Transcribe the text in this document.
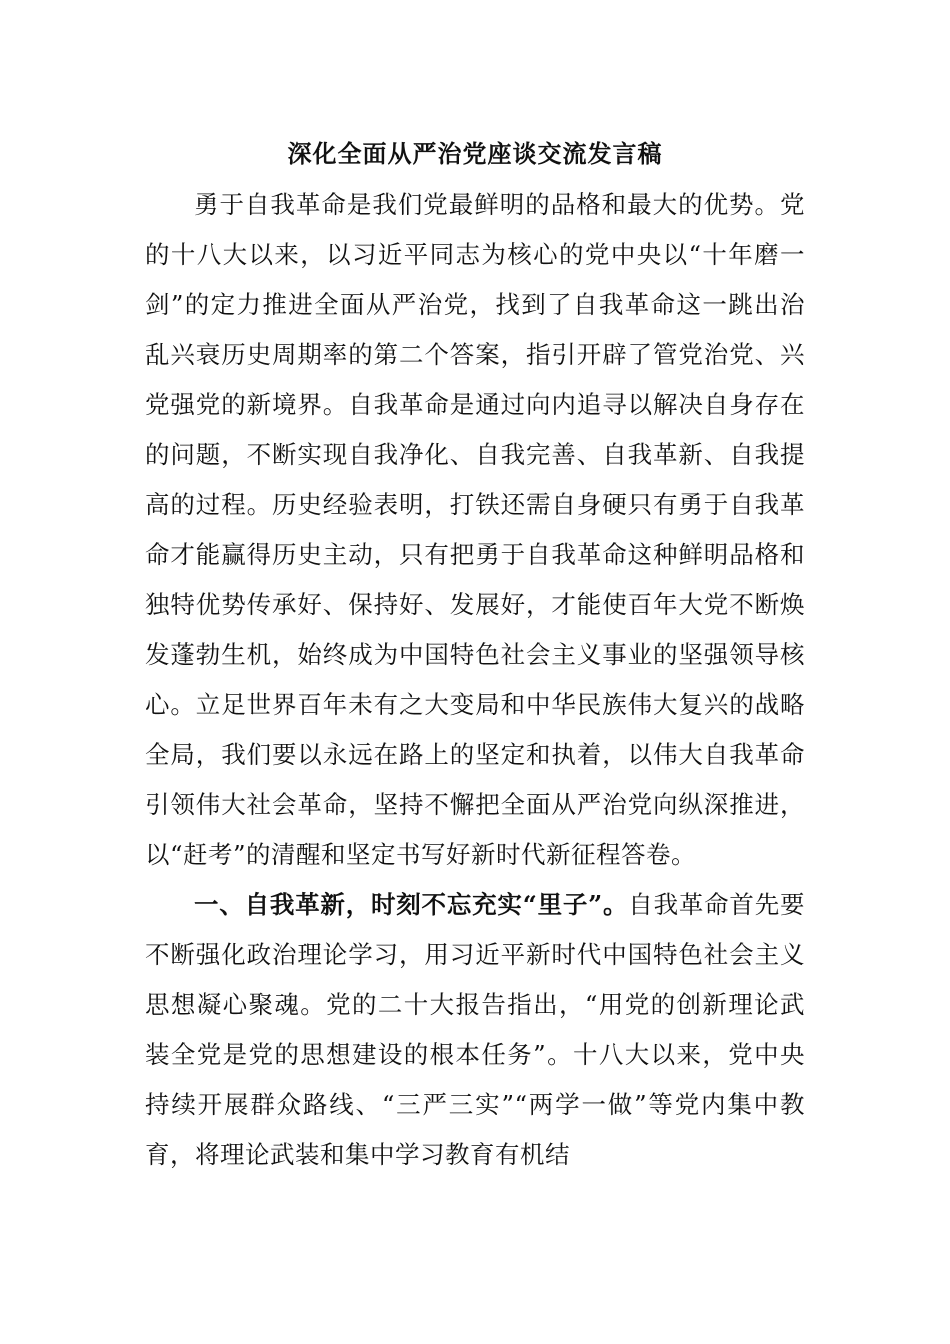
深化全面从严治党座谈交流发言稿

勇于自我革命是我们党最鲜明的品格和最大的优势。党的十八大以来，以习近平同志为核心的党中央以“十年磨一剑”的定力推进全面从严治党，找到了自我革命这一跳出治乱兴衰历史周期率的第二个答案，指引开辟了管党治党、兴党强党的新境界。自我革命是通过向内追寻以解决自身存在的问题，不断实现自我净化、自我完善、自我革新、自我提高的过程。历史经验表明，打铁还需自身硬只有勇于自我革命才能赢得历史主动，只有把勇于自我革命这种鲜明品格和独特优势传承好、保持好、发展好，才能使百年大党不断焕发蓬勃生机，始终成为中国特色社会主义事业的坚强领导核心。立足世界百年未有之大变局和中华民族伟大复兴的战略全局，我们要以永远在路上的坚定和执着，以伟大自我革命引领伟大社会革命，坚持不懈把全面从严治党向纵深推进，以“赶考”的清醒和坚定书写好新时代新征程答卷。

一、自我革新，时刻不忘充实“里子”。自我革命首先要不断强化政治理论学习，用习近平新时代中国特色社会主义思想凝心聚魂。党的二十大报告指出，“用党的创新理论武装全党是党的思想建设的根本任务”。十八大以来，党中央持续开展群众路线、“三严三实”“两学一做”等党内集中教育，将理论武装和集中学习教育有机结
